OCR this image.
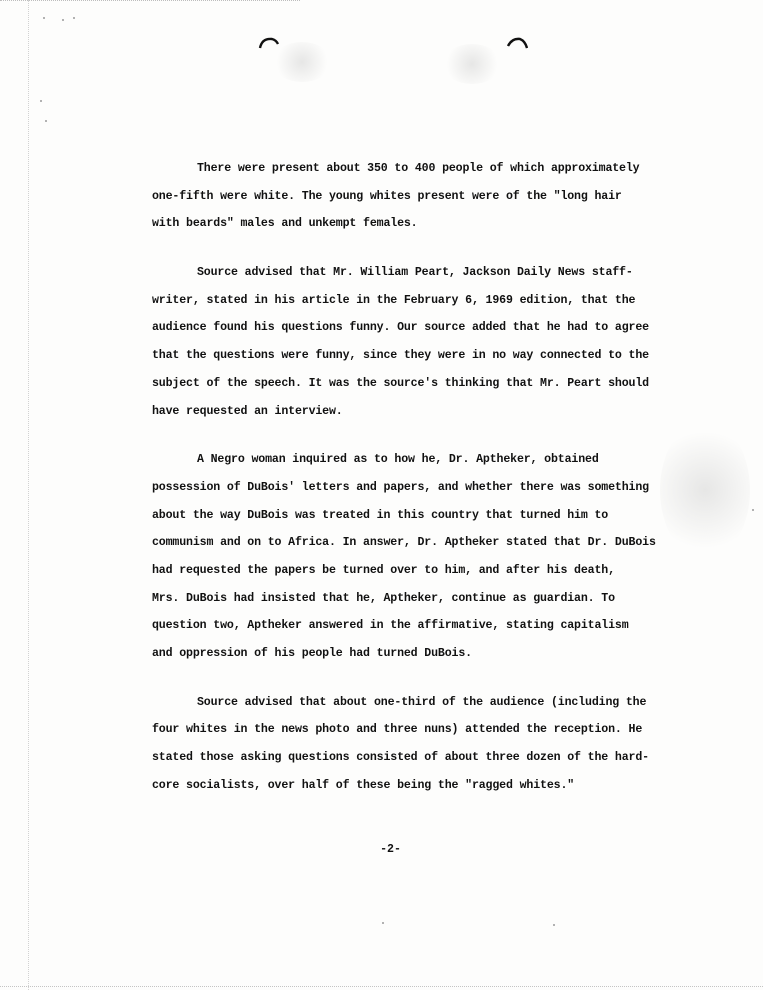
There were present about 350 to 400 people of which approximately
one-fifth were white. The young whites present were of the "long hair
with beards" males and unkempt females.
Source advised that Mr. William Peart, Jackson Daily News staff-
writer, stated in his article in the February 6, 1969 edition, that the
audience found his questions funny. Our source added that he had to agree
that the questions were funny, since they were in no way connected to the
subject of the speech. It was the source's thinking that Mr. Peart should
have requested an interview.
A Negro woman inquired as to how he, Dr. Aptheker, obtained
possession of DuBois' letters and papers, and whether there was something
about the way DuBois was treated in this country that turned him to
communism and on to Africa. In answer, Dr. Aptheker stated that Dr. DuBois
had requested the papers be turned over to him, and after his death,
Mrs. DuBois had insisted that he, Aptheker, continue as guardian. To
question two, Aptheker answered in the affirmative, stating capitalism
and oppression of his people had turned DuBois.
Source advised that about one-third of the audience (including the
four whites in the news photo and three nuns) attended the reception. He
stated those asking questions consisted of about three dozen of the hard-
core socialists, over half of these being the "ragged whites."
-2-
